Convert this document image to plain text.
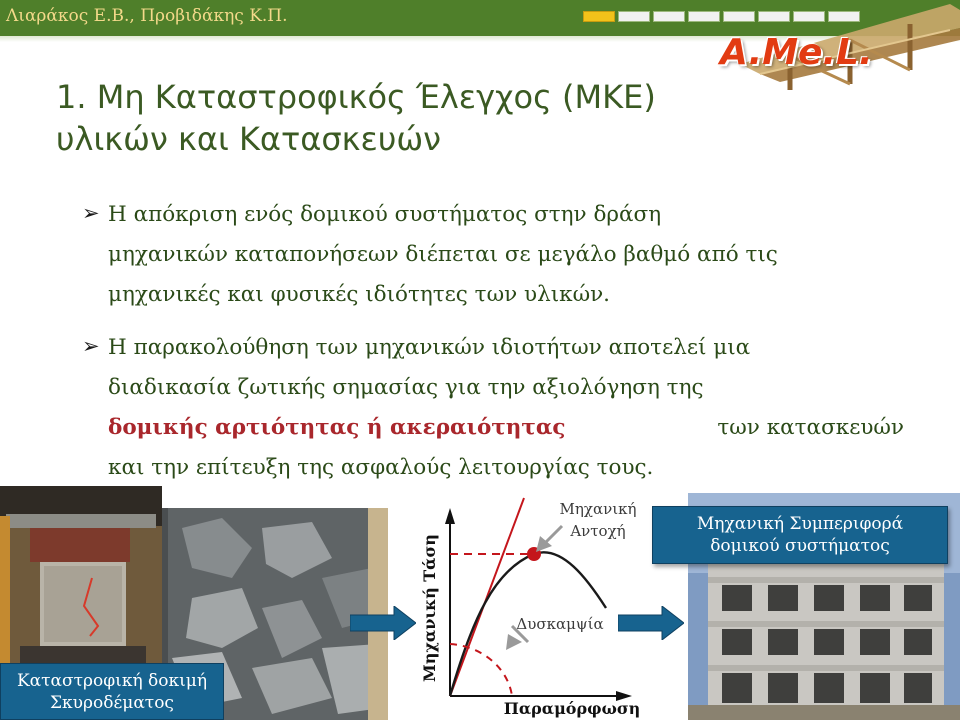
Λιαράκος Ε.Β., Προβιδάκης Κ.Π.
A.Me.L.
1. Μη Καταστροφικός Έλεγχος (ΜΚΕ)
υλικών και Κατασκευών
➢ Η απόκριση ενός δομικού συστήματος στην δράση
μηχανικών καταπονήσεων διέπεται σε μεγάλο βαθμό από τις
μηχανικές και φυσικές ιδιότητες των υλικών.
➢ Η παρακολούθηση των μηχανικών ιδιοτήτων αποτελεί μια
διαδικασία ζωτικής σημασίας για την αξιολόγηση της
δομικής αρτιότητας ή ακεραιότητας	των κατασκευών
και την επίτευξη της ασφαλούς λειτουργίας τους.
Μηχανική
Αντοχή
Δυσκαμψία
Παραμόρφωση
Μηχανική Τάση
Καταστροφική δοκιμή
Σκυροδέματος
Μηχανική Συμπεριφορά
δομικού συστήματος
